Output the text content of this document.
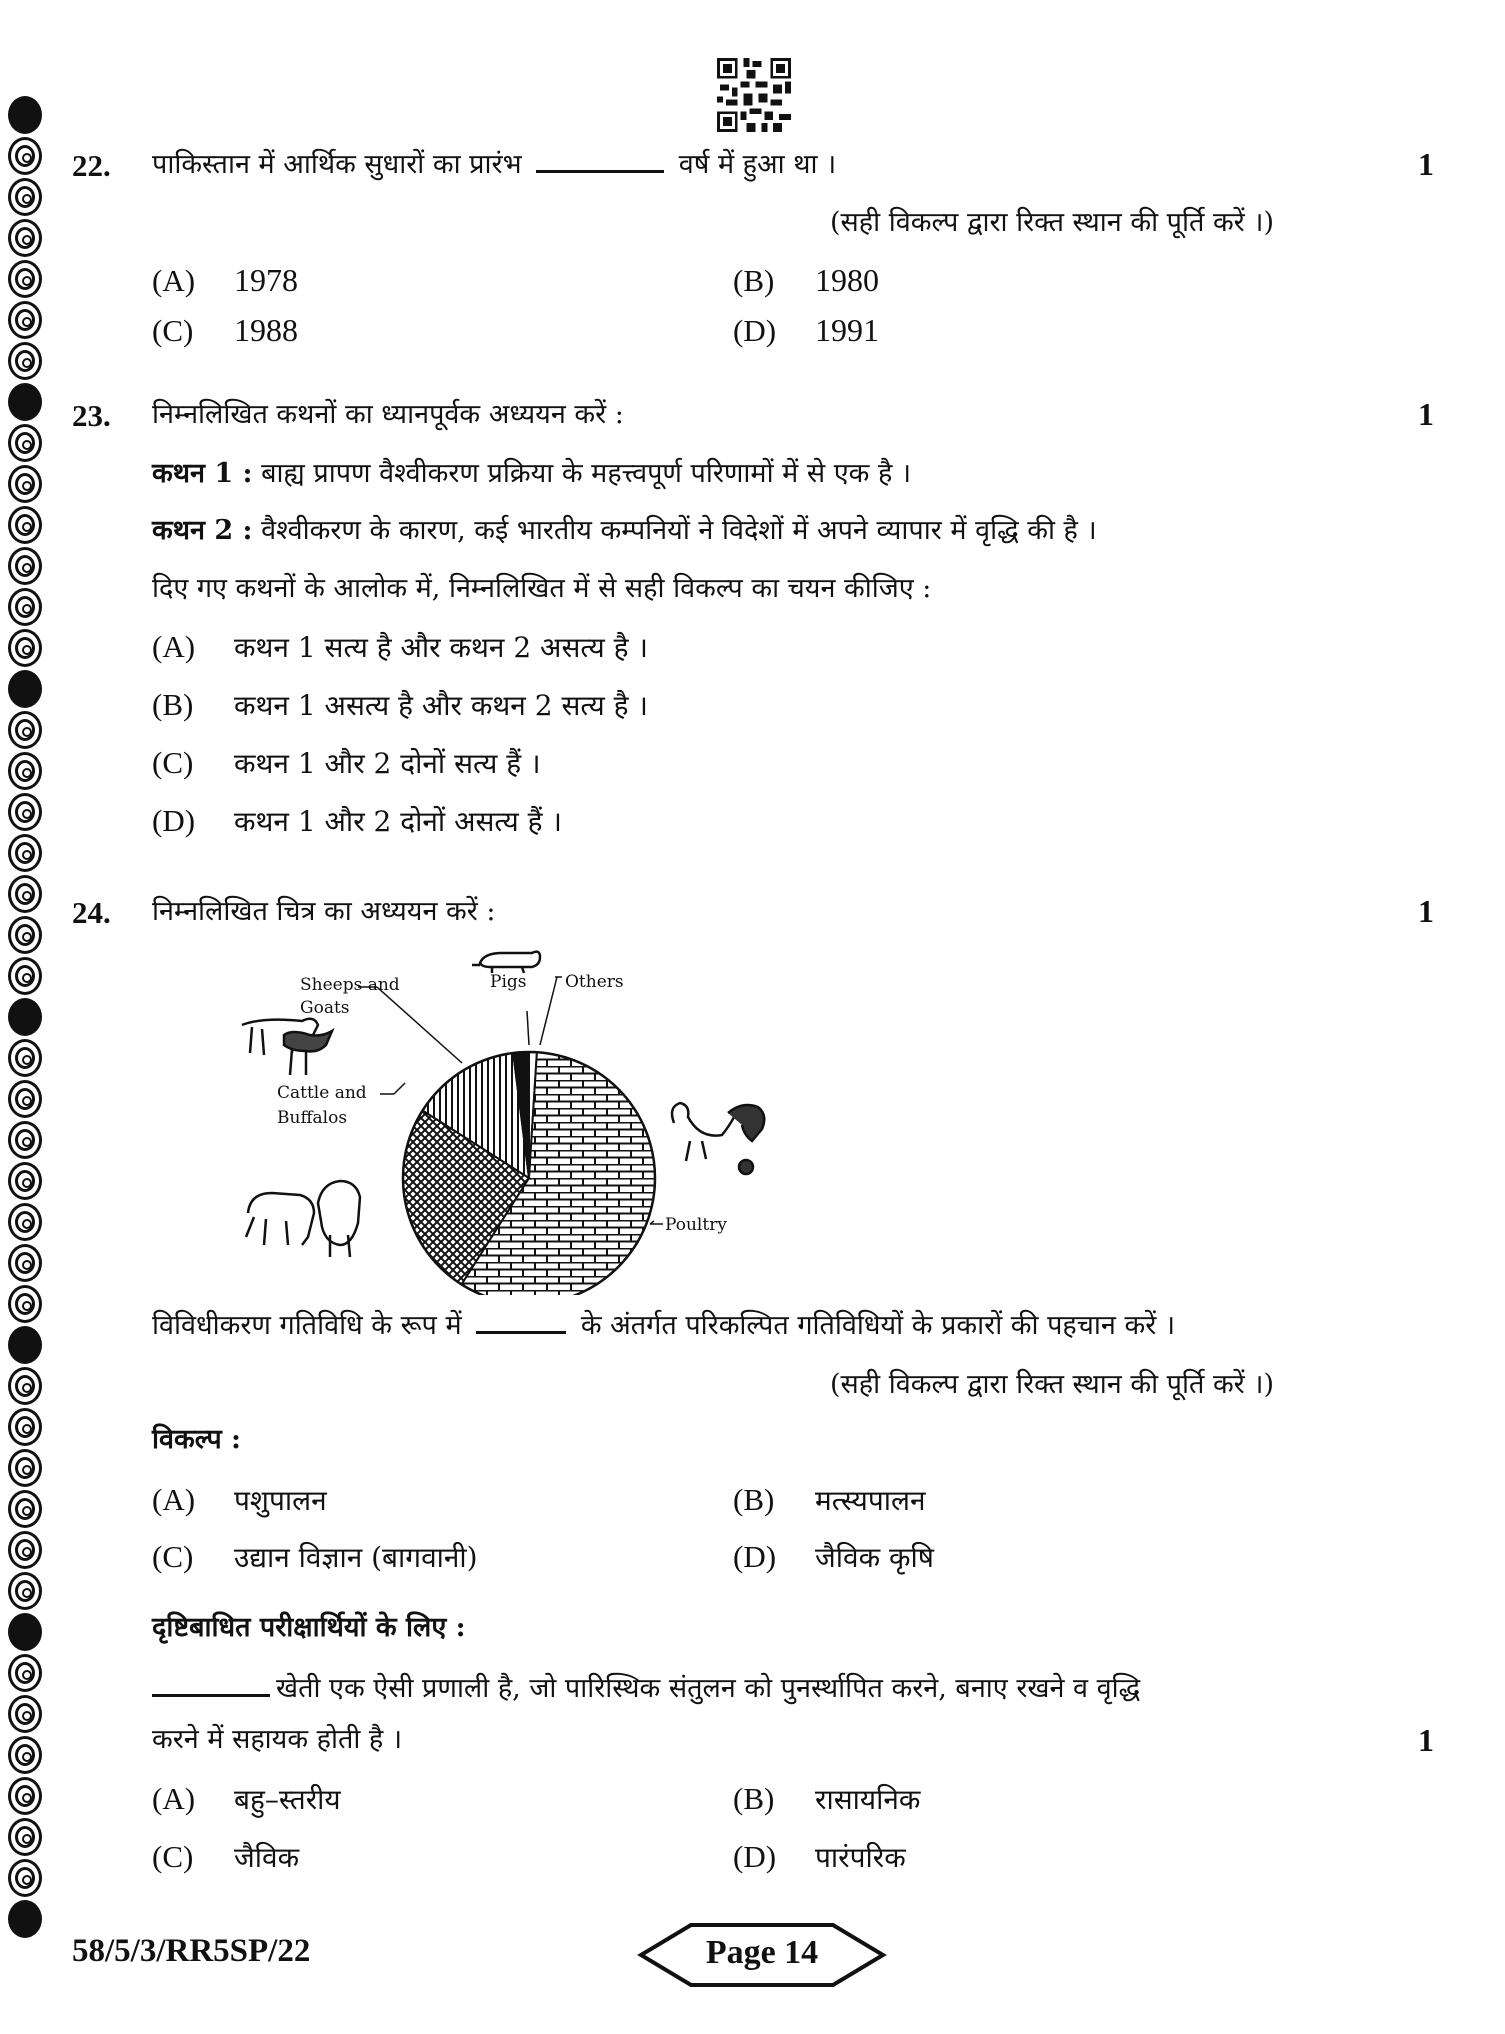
22. पाकिस्तान में आर्थिक सुधारों का प्रारंभ	वर्ष में हुआ था ।	1
(सही विकल्प द्वारा रिक्त स्थान की पूर्ति करें ।)
(A) 1978	(B) 1980
(C) 1988	(D) 1991
23. निम्नलिखित कथनों का ध्यानपूर्वक अध्ययन करें :	1
कथन 1 : बाह्य प्रापण वैश्वीकरण प्रक्रिया के महत्त्वपूर्ण परिणामों में से एक है ।
कथन 2 : वैश्वीकरण के कारण, कई भारतीय कम्पनियों ने विदेशों में अपने व्यापार में वृद्धि की है ।
दिए गए कथनों के आलोक में, निम्नलिखित में से सही विकल्प का चयन कीजिए :
(A) कथन 1 सत्य है और कथन 2 असत्य है ।
(B) कथन 1 असत्य है और कथन 2 सत्य है ।
(C) कथन 1 और 2 दोनों सत्य हैं ।
(D) कथन 1 और 2 दोनों असत्य हैं ।
24. निम्नलिखित चित्र का अध्ययन करें :	1
Sheeps and
Goats
Pigs Others
Cattle and
Buffalos
Poultry
विविधीकरण गतिविधि के रूप में	के अंतर्गत परिकल्पित गतिविधियों के प्रकारों की पहचान करें ।
(सही विकल्प द्वारा रिक्त स्थान की पूर्ति करें ।)
विकल्प :
(A) पशुपालन	(B) मत्स्यपालन
(C) उद्यान विज्ञान (बागवानी)	(D) जैविक कृषि
दृष्टिबाधित परीक्षार्थियों के लिए :
खेती एक ऐसी प्रणाली है, जो पारिस्थिक संतुलन को पुनर्स्थापित करने, बनाए रखने व वृद्धि
करने में सहायक होती है ।	1
(A) बहु–स्तरीय	(B) रासायनिक
(C) जैविक	(D) पारंपरिक
58/5/3/RR5SP/22	Page 14
